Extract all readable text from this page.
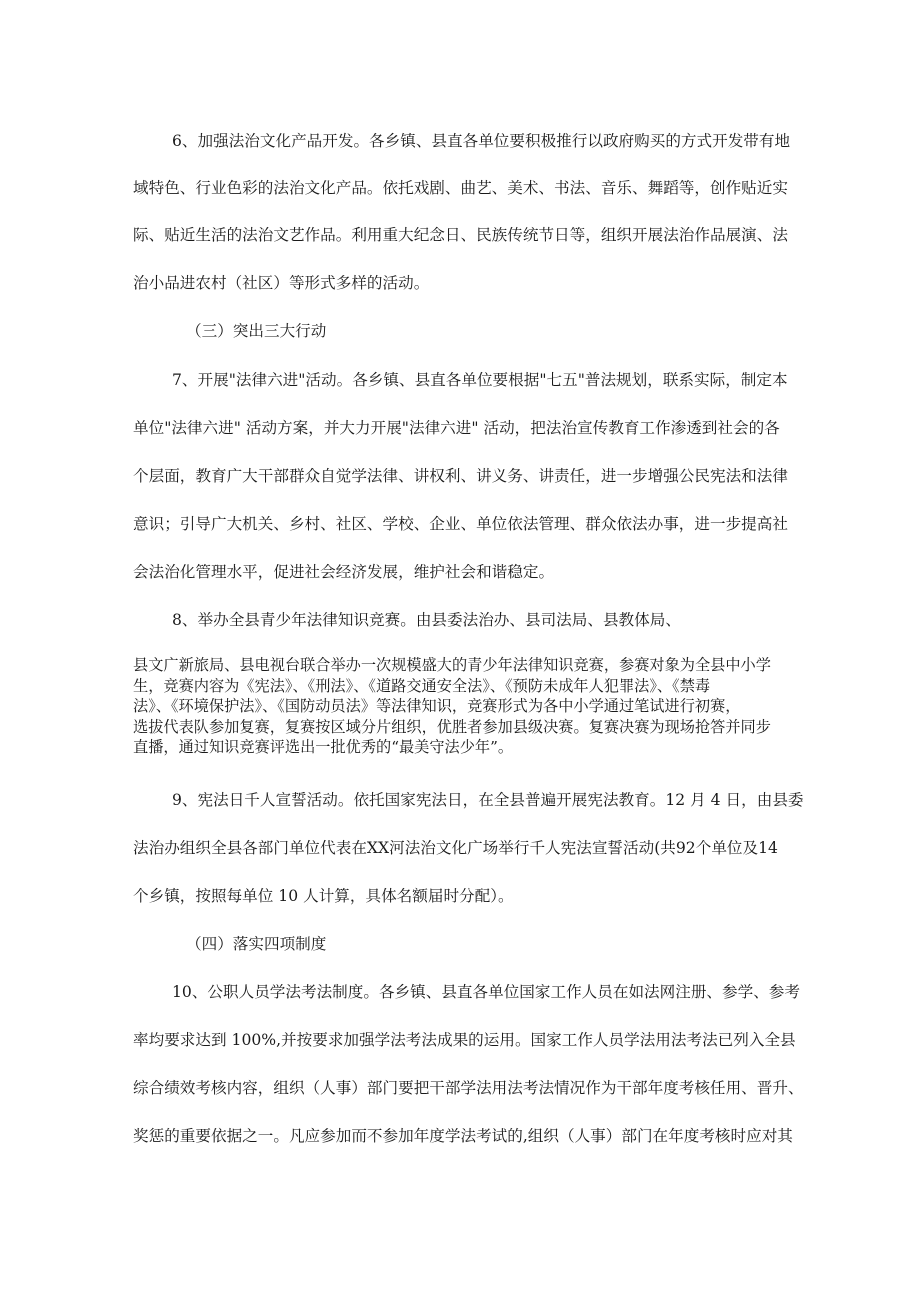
6、加强法治文化产品开发。各乡镇、县直各单位要积极推行以政府购买的方式开发带有地
域特色、行业色彩的法治文化产品。依托戏剧、曲艺、美术、书法、音乐、舞蹈等，创作贴近实
际、贴近生活的法治文艺作品。利用重大纪念日、民族传统节日等，组织开展法治作品展演、法
治小品进农村（社区）等形式多样的活动。
（三）突出三大行动
7、开展"法律六进"活动。各乡镇、县直各单位要根据"七五"普法规划，联系实际，制定本
单位"法律六进" 活动方案，并大力开展"法律六进" 活动，把法治宣传教育工作渗透到社会的各
个层面，教育广大干部群众自觉学法律、讲权利、讲义务、讲责任，进一步增强公民宪法和法律
意识；引导广大机关、乡村、社区、学校、企业、单位依法管理、群众依法办事，进一步提高社
会法治化管理水平，促进社会经济发展，维护社会和谐稳定。
8、举办全县青少年法律知识竞赛。由县委法治办、县司法局、县教体局、
县文广新旅局、县电视台联合举办一次规模盛大的青少年法律知识竞赛，参赛对象为全县中小学
生，竞赛内容为《宪法》、《刑法》、《道路交通安全法》、《预防未成年人犯罪法》、《禁毒
法》、《环境保护法》、《国防动员法》等法律知识，竞赛形式为各中小学通过笔试进行初赛，
选拔代表队参加复赛，复赛按区域分片组织，优胜者参加县级决赛。复赛决赛为现场抢答并同步
直播，通过知识竞赛评选出一批优秀的“最美守法少年”。
9、宪法日千人宣誓活动。依托国家宪法日，在全县普遍开展宪法教育。12 月 4 日，由县委
法治办组织全县各部门单位代表在XX河法治文化广场举行千人宪法宣誓活动(共92个单位及14
个乡镇，按照每单位 10 人计算，具体名额届时分配）。
（四）落实四项制度
10、公职人员学法考法制度。各乡镇、县直各单位国家工作人员在如法网注册、参学、参考
率均要求达到 100%,并按要求加强学法考法成果的运用。国家工作人员学法用法考法已列入全县
综合绩效考核内容，组织（人事）部门要把干部学法用法考法情况作为干部年度考核任用、晋升、
奖惩的重要依据之一。凡应参加而不参加年度学法考试的,组织（人事）部门在年度考核时应对其
